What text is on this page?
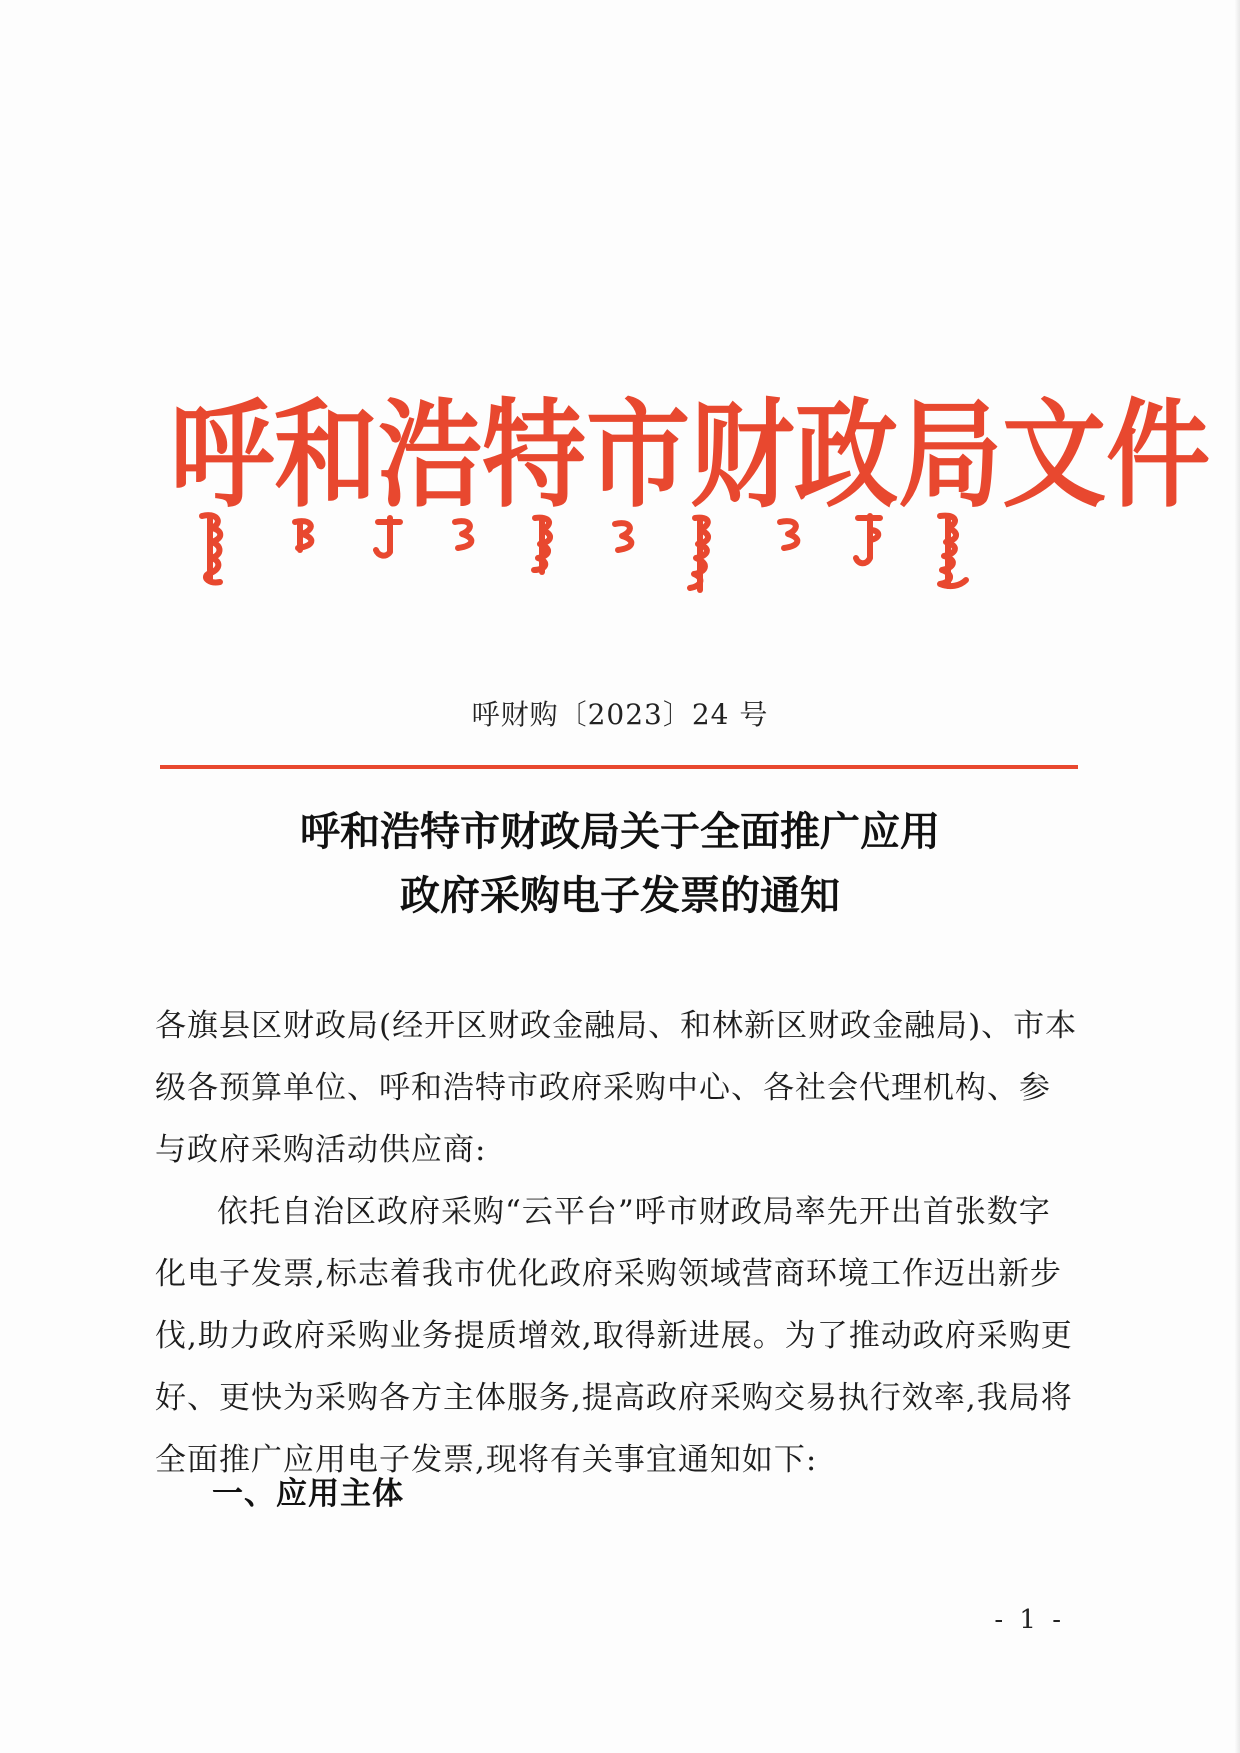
呼 和 浩 特 市 财 政 局 文 件
呼财购〔2023〕24 号
呼和浩特市财政局关于全面推广应用
政府采购电子发票的通知

各旗县区财政局(经开区财政金融局、和林新区财政金融局)、市本级各预算单位、呼和浩特市政府采购中心、各社会代理机构、参与政府采购活动供应商:

依托自治区政府采购“云平台”呼市财政局率先开出首张数字化电子发票,标志着我市优化政府采购领域营商环境工作迈出新步伐,助力政府采购业务提质增效,取得新进展。为了推动政府采购更好、更快为采购各方主体服务,提高政府采购交易执行效率,我局将全面推广应用电子发票,现将有关事宜通知如下:

一、应用主体
- 1 -
